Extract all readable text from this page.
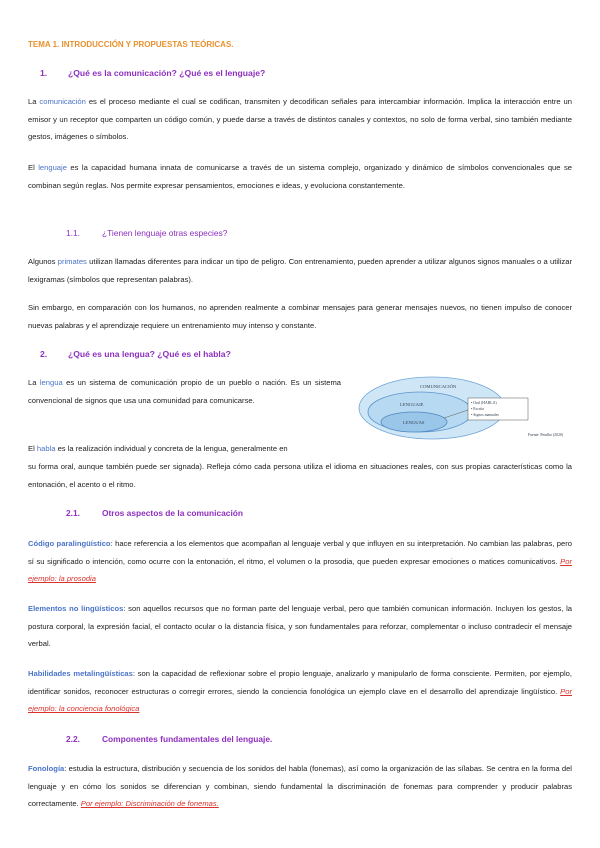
TEMA 1. INTRODUCCIÓN Y PROPUESTAS TEÓRICAS.
1. ¿Qué es la comunicación? ¿Qué es el lenguaje?

La comunicación es el proceso mediante el cual se codifican, transmiten y decodifican señales para intercambiar información. Implica la interacción entre un emisor y un receptor que comparten un código común, y puede darse a través de distintos canales y contextos, no solo de forma verbal, sino también mediante gestos, imágenes o símbolos.

El lenguaje es la capacidad humana innata de comunicarse a través de un sistema complejo, organizado y dinámico de símbolos convencionales que se combinan según reglas. Nos permite expresar pensamientos, emociones e ideas, y evoluciona constantemente.

1.1.	¿Tienen lenguaje otras especies?

Algunos primates utilizan llamadas diferentes para indicar un tipo de peligro. Con entrenamiento, pueden aprender a utilizar algunos signos manuales o a utilizar lexigramas (símbolos que representan palabras).

Sin embargo, en comparación con los humanos, no aprenden realmente a combinar mensajes para generar mensajes nuevos, no tienen impulso de conocer nuevas palabras y el aprendizaje requiere un entrenamiento muy intenso y constante.

2. ¿Qué es una lengua? ¿Qué es el habla?

La lengua es un sistema de comunicación propio de un pueblo o nación. Es un sistema convencional de signos que usa una comunidad para comunicarse.

COMUNICACIÓN
LENGUAJE
LENGUAS
• Oral (HABLA)
• Escrita
• Signos manuales
Fuente: Peralbo (2020)

El habla es la realización individual y concreta de la lengua, generalmente en

su forma oral, aunque también puede ser signada). Refleja cómo cada persona utiliza el idioma en situaciones reales, con sus propias características como la entonación, el acento o el ritmo.

2.1.	Otros aspectos de la comunicación

Código paralingüístico: hace referencia a los elementos que acompañan al lenguaje verbal y que influyen en su interpretación. No cambian las palabras, pero sí su significado o intención, como ocurre con la entonación, el ritmo, el volumen o la prosodia, que pueden expresar emociones o matices comunicativos. Por ejemplo: la prosodia

Elementos no lingüísticos: son aquellos recursos que no forman parte del lenguaje verbal, pero que también comunican información. Incluyen los gestos, la postura corporal, la expresión facial, el contacto ocular o la distancia física, y son fundamentales para reforzar, complementar o incluso contradecir el mensaje verbal.

Habilidades metalingüísticas: son la capacidad de reflexionar sobre el propio lenguaje, analizarlo y manipularlo de forma consciente. Permiten, por ejemplo, identificar sonidos, reconocer estructuras o corregir errores, siendo la conciencia fonológica un ejemplo clave en el desarrollo del aprendizaje lingüístico. Por ejemplo: la conciencia fonológica

2.2.	Componentes fundamentales del lenguaje.

Fonología: estudia la estructura, distribución y secuencia de los sonidos del habla (fonemas), así como la organización de las sílabas. Se centra en la forma del lenguaje y en cómo los sonidos se diferencian y combinan, siendo fundamental la discriminación de fonemas para comprender y producir palabras correctamente. Por ejemplo: Discriminación de fonemas.
